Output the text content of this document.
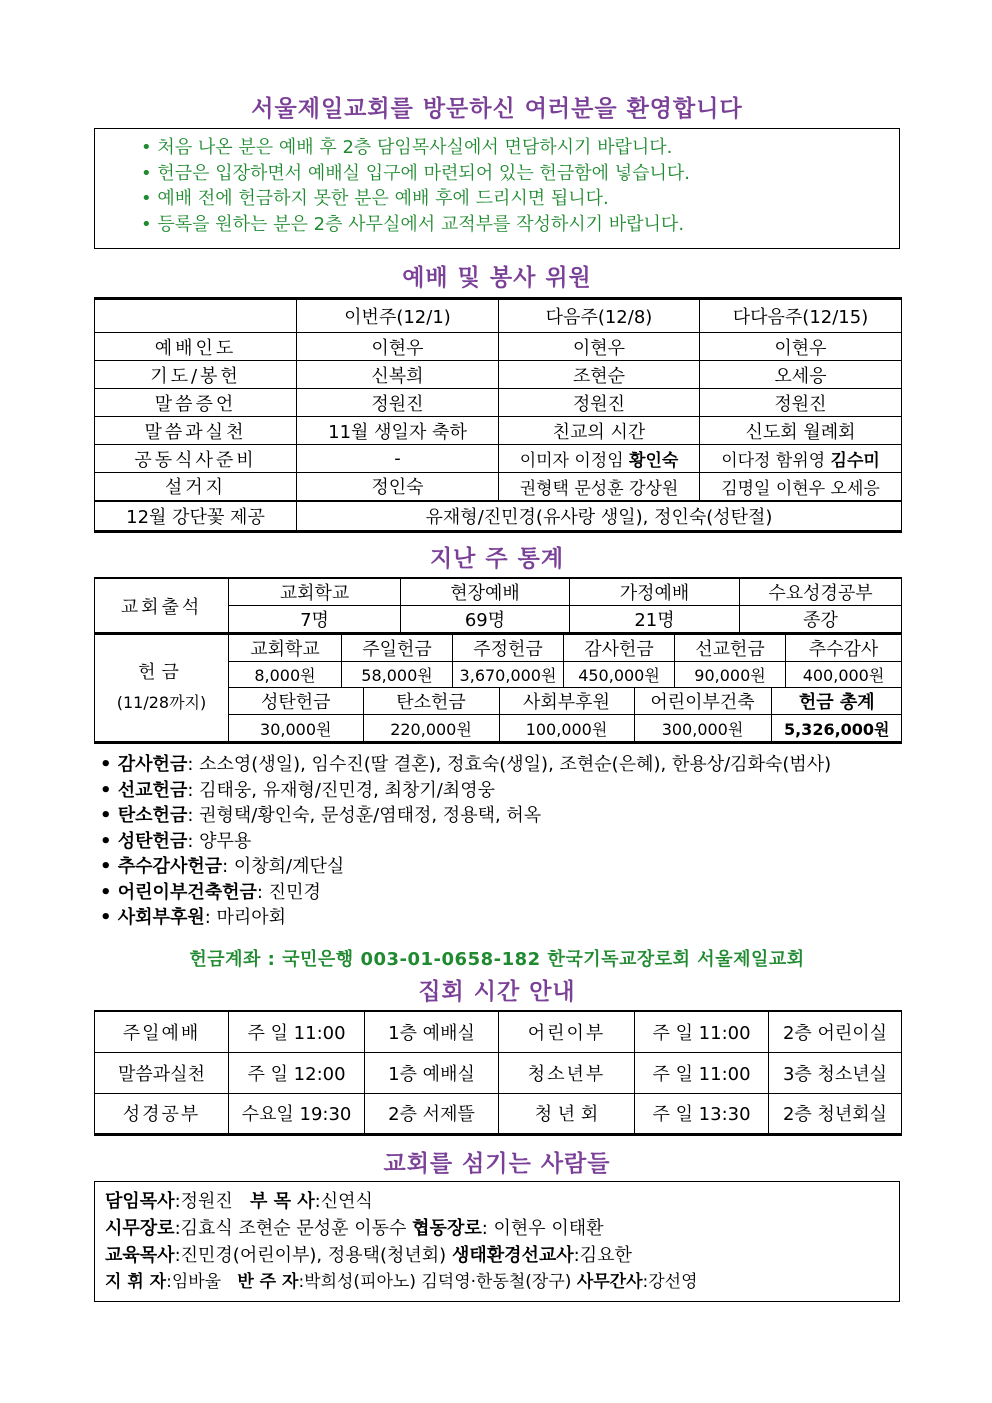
서울제일교회를 방문하신 여러분을 환영합니다
• 처음 나온 분은 예배 후 2층 담임목사실에서 면담하시기 바랍니다.
• 헌금은 입장하면서 예배실 입구에 마련되어 있는 헌금함에 넣습니다.
• 예배 전에 헌금하지 못한 분은 예배 후에 드리시면 됩니다.
• 등록을 원하는 분은 2층 사무실에서 교적부를 작성하시기 바랍니다.
예배 및 봉사 위원
	이번주(12/1)	다음주(12/8)	다다음주(12/15)
예배인도	이현우	이현우	이현우
기도/봉헌	신복희	조현순	오세응
말씀증언	정원진	정원진	정원진
말씀과실천	11월 생일자 축하	친교의 시간	신도회 월례회
공동식사준비	-	이미자 이정임 황인숙	이다정 함위영 김수미
설거지	정인숙	권형택 문성훈 강상원	김명일 이현우 오세응
12월 강단꽃 제공	유재형/진민경(유사랑 생일), 정인숙(성탄절)		
지난 주 통계
교회출석	교회학교	현장예배	가정예배	수요성경공부
	7명	69명	21명	종강
헌금
(11/28까지)
	교회학교	주일헌금	주정헌금	감사헌금	선교헌금	추수감사
8,000원	58,000원	3,670,000원	450,000원	90,000원	400,000원

성탄헌금	탄소헌금	사회부후원	어린이부건축	헌금 총계

30,000원	220,000원	100,000원	300,000원	5,326,000원
• 감사헌금: 소소영(생일), 임수진(딸 결혼), 정효숙(생일), 조현순(은혜), 한용상/김화숙(범사)
• 선교헌금: 김태웅, 유재형/진민경, 최창기/최영웅
• 탄소헌금: 권형택/황인숙, 문성훈/염태정, 정용택, 허옥
• 성탄헌금: 양무용
• 추수감사헌금: 이창희/계단실
• 어린이부건축헌금: 진민경
• 사회부후원: 마리아회
헌금계좌 : 국민은행 003-01-0658-182 한국기독교장로회 서울제일교회
집회 시간 안내
주일예배	주 일 11:00	1층 예배실	어린이부	주 일 11:00	2층 어린이실
말씀과실천	주 일 12:00	1층 예배실	청소년부	주 일 11:00	3층 청소년실
성경공부	수요일 19:30	2층 서제뜰	청 년 회	주 일 13:30	2층 청년회실
교회를 섬기는 사람들
담임목사:정원진   부 목 사:신연식
시무장로:김효식 조현순 문성훈 이동수 협동장로: 이현우 이태환
교육목사:진민경(어린이부), 정용택(청년회) 생태환경선교사:김요한
지 휘 자:임바울   반 주 자:박희성(피아노) 김덕영·한동철(장구) 사무간사:강선영
